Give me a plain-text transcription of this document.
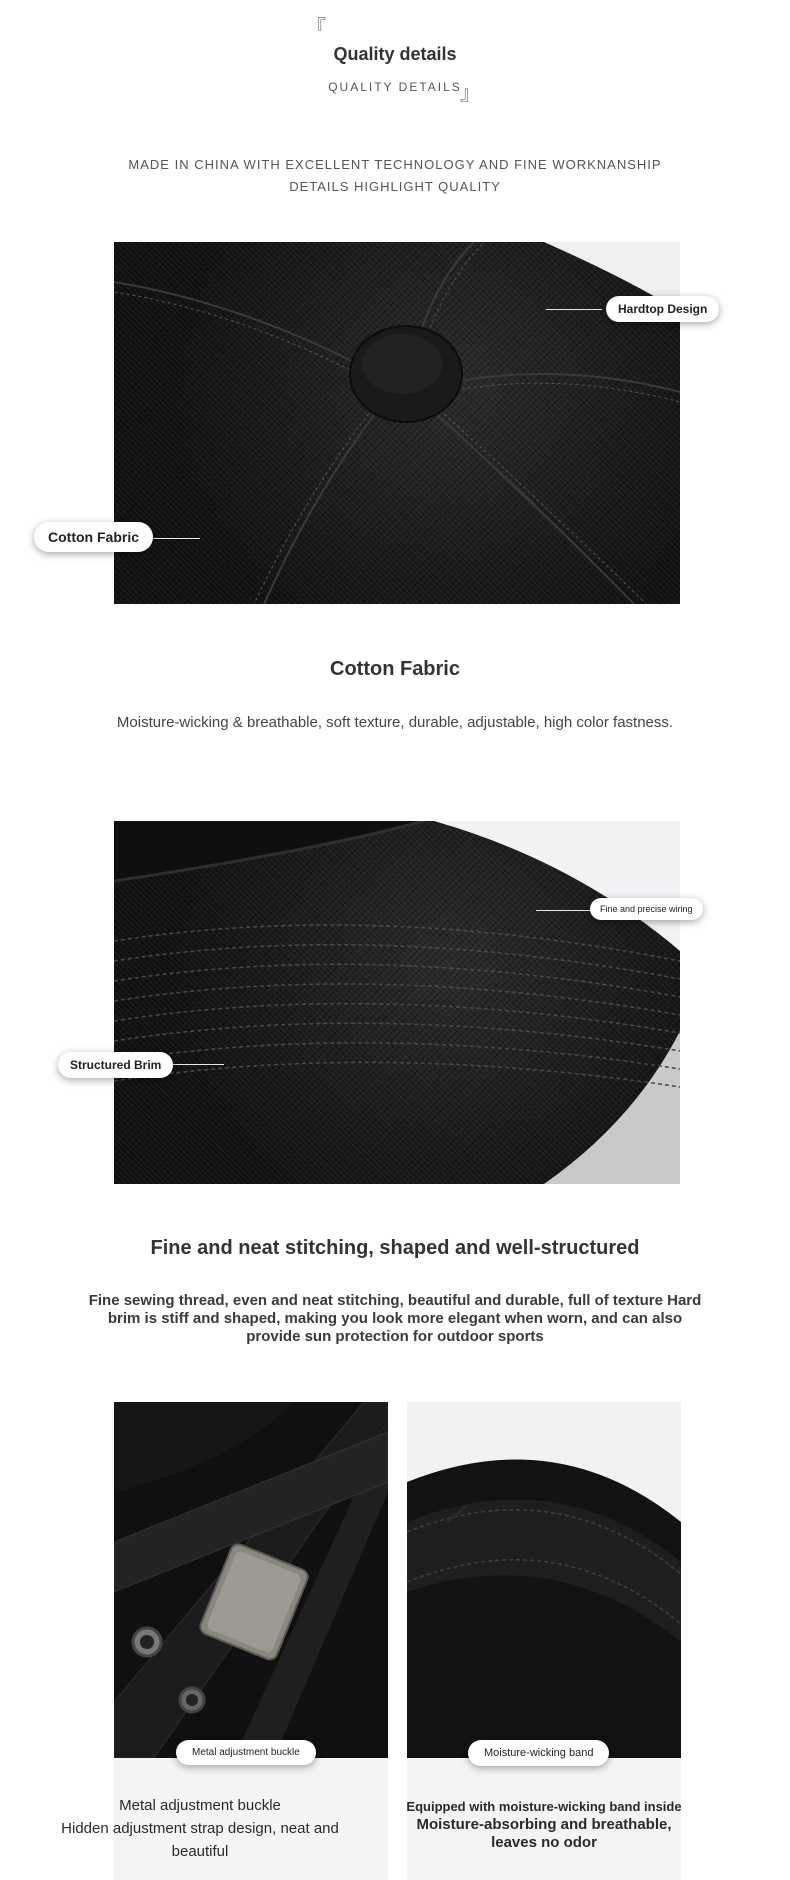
『
Quality details
QUALITY DETAILS
』
MADE IN CHINA WITH EXCELLENT TECHNOLOGY AND FINE WORKNANSHIP
DETAILS HIGHLIGHT QUALITY
Hardtop Design
Cotton Fabric
Cotton Fabric
Moisture-wicking & breathable, soft texture, durable, adjustable, high color fastness.
Fine and precise wiring
Structured Brim
Fine and neat stitching, shaped and well-structured
Fine sewing thread, even and neat stitching, beautiful and durable, full of texture Hard brim is stiff and shaped, making you look more elegant when worn, and can also provide sun protection for outdoor sports
Metal adjustment buckle	Moisture-wicking band
Metal adjustment buckle
Hidden adjustment strap design, neat and beautiful
Equipped with moisture-wicking band inside
Moisture-absorbing and breathable,
leaves no odor
